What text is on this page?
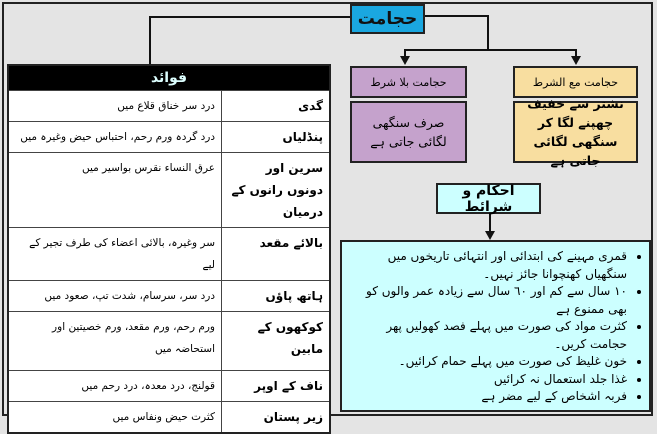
حجامت
حجامت مع الشرط
نشتر سے خفیف چھپنے لگا کر سنگھی لگائی جاتی ہے
حجامت بلا شرط
صرف سنگھی لگائی جاتی ہے
احکام و شرائط
• قمری مہینے کی ابتدائی اور انتہائی تاریخوں میں سنگھیاں کھنچوانا جائز نہیں۔
• ۱۰ سال سے کم اور ٦٠ سال سے زیادہ عمر والوں کو بھی ممنوع ہے
• کثرت مواد کی صورت میں پہلے فصد کھولیں پھر حجامت کریں۔
• خون غلیظ کی صورت میں پہلے حمام کرائیں۔
• غذا جلد استعمال نہ کرائیں
• فربہ اشخاص کے لیے مضر ہے
فوائد	
گدی	درد سر خناق قلاع میں
پنڈلیاں	درد گردہ ورم رحم، احتباس حیض وغیرہ میں
سرین اور دونوں رانوں کے درمیان	عرق النساء نقرس بواسیر میں
بالائے مقعد	سر وغیرہ، بالائی اعضاء کی طرف تجیر کے لیے
ہاتھ پاؤں	درد سر، سرسام، شدت تپ، صعود میں
کوکھوں کے مابین	ورم رحم، ورم مقعد، ورم خصیتین اور استحاضہ میں
ناف کے اوپر	قولنج، درد معدہ، درد رحم میں
زیر پستان	کثرت حیض ونفاس میں
